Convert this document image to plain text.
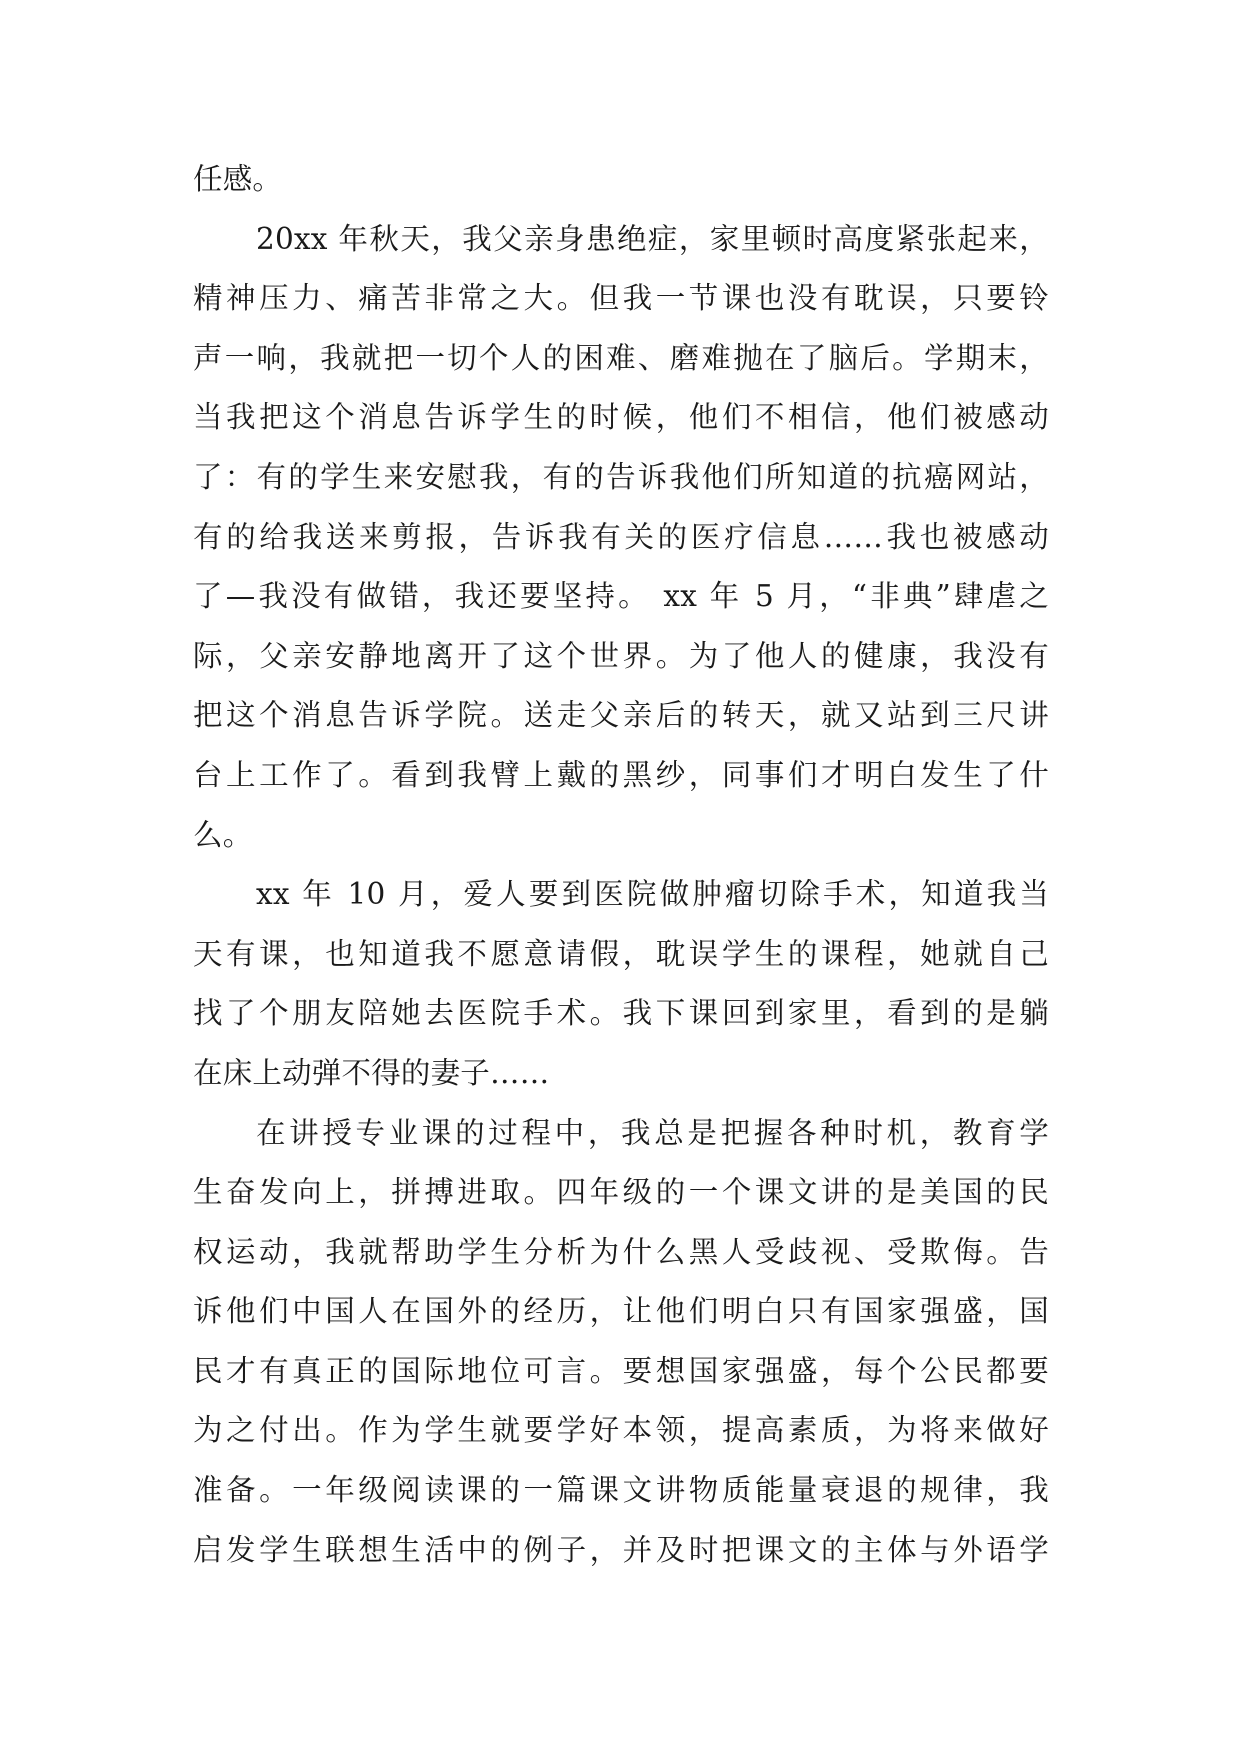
任感。
20xx 年秋天，我父亲身患绝症，家里顿时高度紧张起来，
精神压力、痛苦非常之大。但我一节课也没有耽误，只要铃
声一响，我就把一切个人的困难、磨难抛在了脑后。学期末，
当我把这个消息告诉学生的时候，他们不相信，他们被感动
了：有的学生来安慰我，有的告诉我他们所知道的抗癌网站，
有的给我送来剪报，告诉我有关的医疗信息……我也被感动
了—我没有做错，我还要坚持。 xx 年 5 月，“非典”肆虐之
际，父亲安静地离开了这个世界。为了他人的健康，我没有
把这个消息告诉学院。送走父亲后的转天，就又站到三尺讲
台上工作了。看到我臂上戴的黑纱，同事们才明白发生了什
么。
xx 年 10 月，爱人要到医院做肿瘤切除手术，知道我当
天有课，也知道我不愿意请假，耽误学生的课程，她就自己
找了个朋友陪她去医院手术。我下课回到家里，看到的是躺
在床上动弹不得的妻子……
在讲授专业课的过程中，我总是把握各种时机，教育学
生奋发向上，拼搏进取。四年级的一个课文讲的是美国的民
权运动，我就帮助学生分析为什么黑人受歧视、受欺侮。告
诉他们中国人在国外的经历，让他们明白只有国家强盛，国
民才有真正的国际地位可言。要想国家强盛，每个公民都要
为之付出。作为学生就要学好本领，提高素质，为将来做好
准备。一年级阅读课的一篇课文讲物质能量衰退的规律，我
启发学生联想生活中的例子，并及时把课文的主体与外语学
